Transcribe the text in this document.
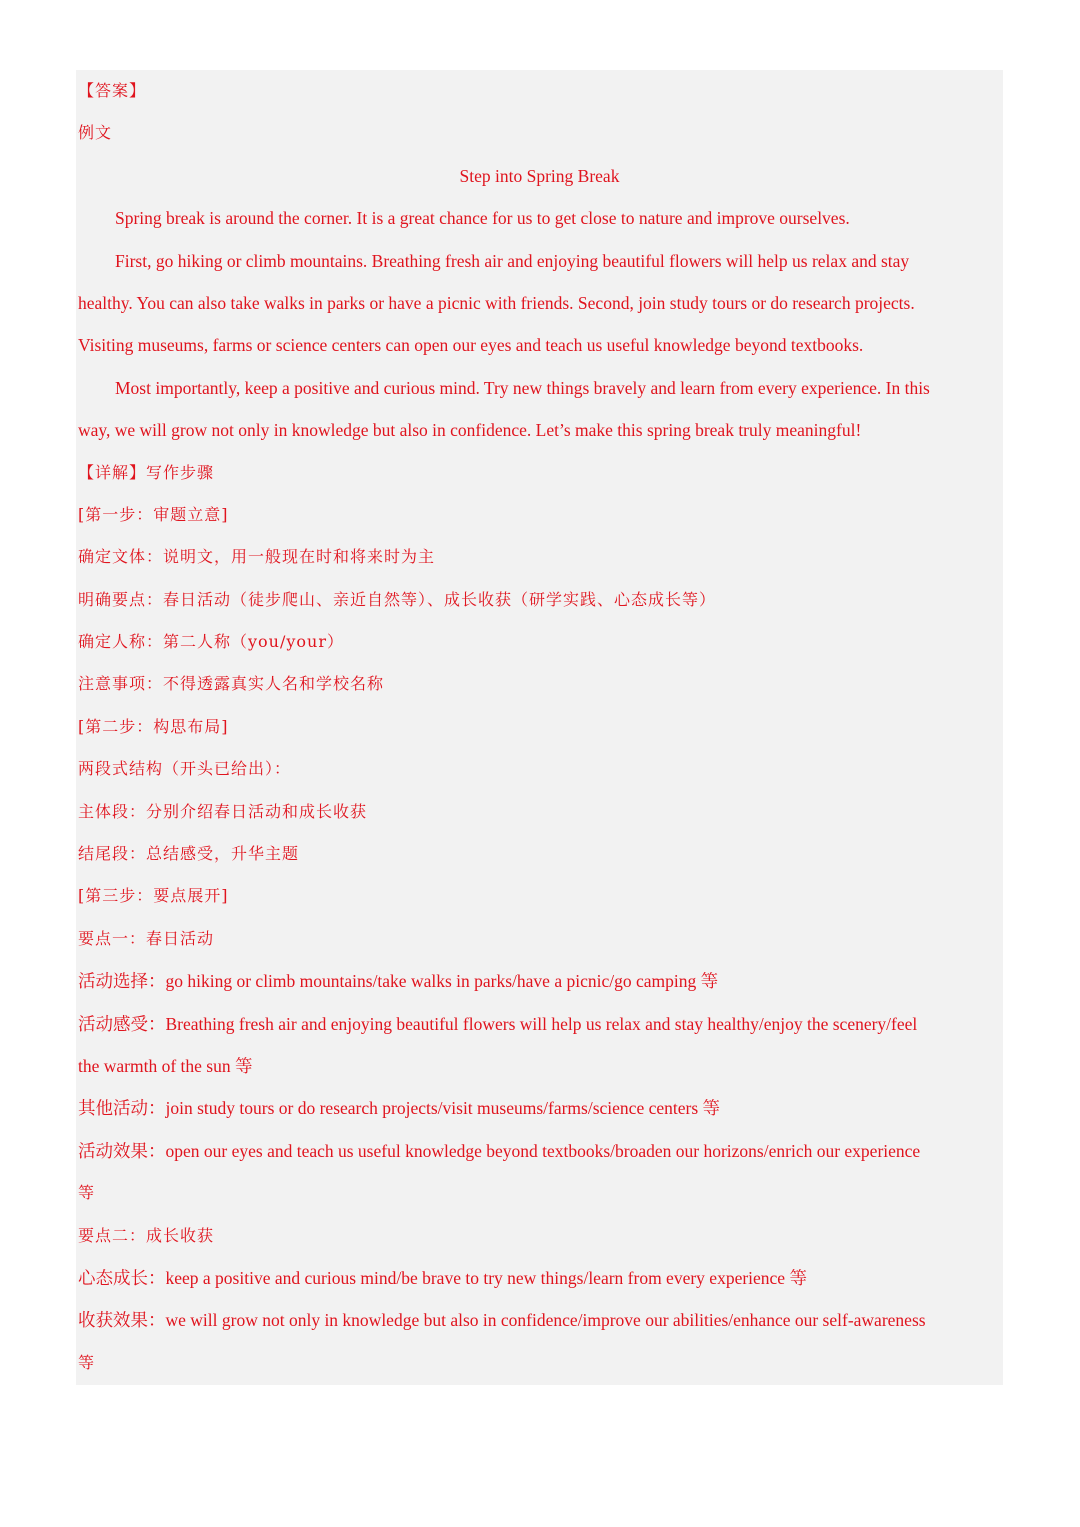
【答案】
例文
Step into Spring Break
Spring break is around the corner. It is a great chance for us to get close to nature and improve ourselves.
First, go hiking or climb mountains. Breathing fresh air and enjoying beautiful flowers will help us relax and stay
healthy. You can also take walks in parks or have a picnic with friends. Second, join study tours or do research projects.
Visiting museums, farms or science centers can open our eyes and teach us useful knowledge beyond textbooks.
Most importantly, keep a positive and curious mind. Try new things bravely and learn from every experience. In this
way, we will grow not only in knowledge but also in confidence. Let’s make this spring break truly meaningful!
【详解】写作步骤
[第一步：审题立意]
确定文体：说明文，用一般现在时和将来时为主
明确要点：春日活动（徒步爬山、亲近自然等）、成长收获（研学实践、心态成长等）
确定人称：第二人称（you/your）
注意事项：不得透露真实人名和学校名称
[第二步：构思布局]
两段式结构（开头已给出）：
主体段：分别介绍春日活动和成长收获
结尾段：总结感受，升华主题
[第三步：要点展开]
要点一：春日活动
活动选择：go hiking or climb mountains/take walks in parks/have a picnic/go camping 等
活动感受：Breathing fresh air and enjoying beautiful flowers will help us relax and stay healthy/enjoy the scenery/feel
the warmth of the sun 等
其他活动：join study tours or do research projects/visit museums/farms/science centers 等
活动效果：open our eyes and teach us useful knowledge beyond textbooks/broaden our horizons/enrich our experience
等
要点二：成长收获
心态成长：keep a positive and curious mind/be brave to try new things/learn from every experience 等
收获效果：we will grow not only in knowledge but also in confidence/improve our abilities/enhance our self-awareness
等
